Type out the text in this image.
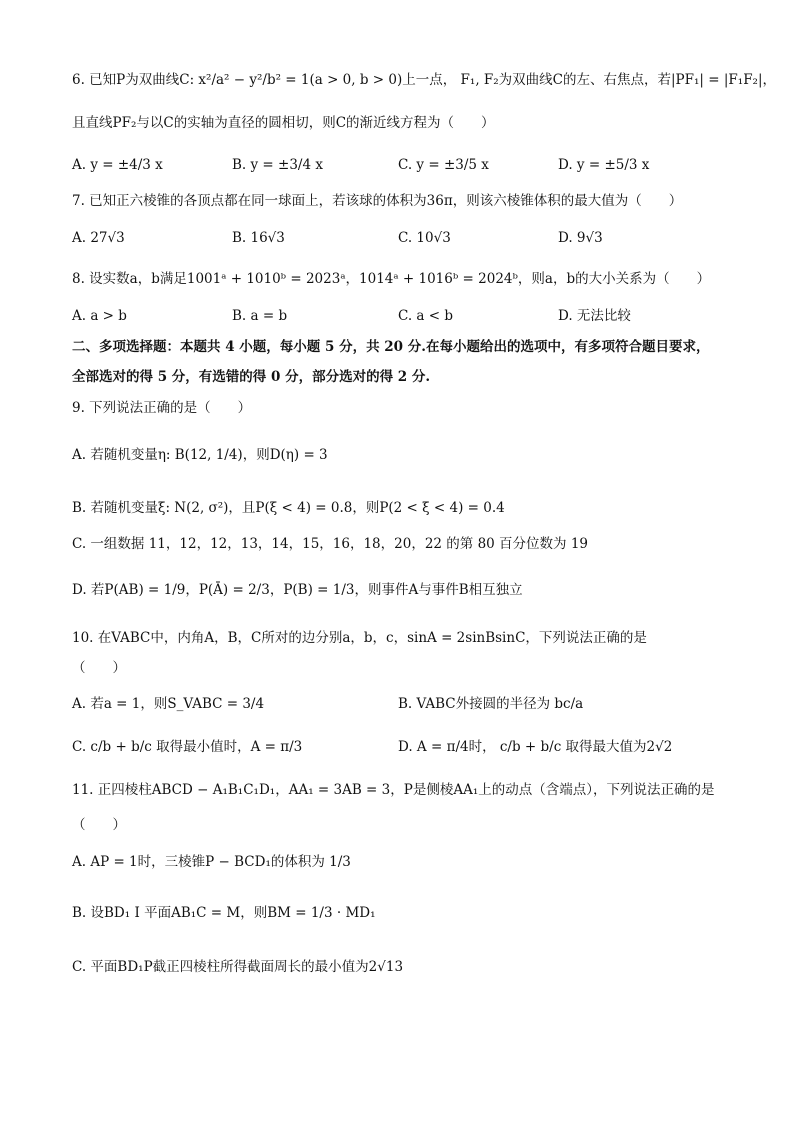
6. 已知P为双曲线C: x²/a² − y²/b² = 1(a > 0, b > 0)上一点， F₁, F₂为双曲线C的左、右焦点，若|PF₁| = |F₁F₂|，
且直线PF₂与以C的实轴为直径的圆相切，则C的渐近线方程为（　　）
A. y = ±4/3 x	B. y = ±3/4 x	C. y = ±3/5 x	D. y = ±5/3 x
7. 已知正六棱锥的各顶点都在同一球面上，若该球的体积为36π，则该六棱锥体积的最大值为（　　）
A. 27√3	B. 16√3	C. 10√3	D. 9√3
8. 设实数a，b满足1001ᵃ + 1010ᵇ = 2023ᵃ，1014ᵃ + 1016ᵇ = 2024ᵇ，则a，b的大小关系为（　　）
A. a > b	B. a = b	C. a < b	D. 无法比较
二、多项选择题：本题共 4 小题，每小题 5 分，共 20 分.在每小题给出的选项中，有多项符合题目要求，
全部选对的得 5 分，有选错的得 0 分，部分选对的得 2 分.
9. 下列说法正确的是（　　）
A. 若随机变量η: B(12, 1/4)，则D(η) = 3
B. 若随机变量ξ: N(2, σ²)，且P(ξ < 4) = 0.8，则P(2 < ξ < 4) = 0.4
C. 一组数据 11，12，12，13，14，15，16，18，20，22 的第 80 百分位数为 19
D. 若P(AB) = 1/9，P(Ā) = 2/3，P(B) = 1/3，则事件A与事件B相互独立
10. 在VABC中，内角A，B，C所对的边分别a，b，c，sinA = 2sinBsinC，下列说法正确的是
（　　）
A. 若a = 1，则S_VABC = 3/4	B. VABC外接圆的半径为 bc/a
C. c/b + b/c 取得最小值时，A = π/3	D. A = π/4时， c/b + b/c 取得最大值为2√2
11. 正四棱柱ABCD − A₁B₁C₁D₁，AA₁ = 3AB = 3，P是侧棱AA₁上的动点（含端点），下列说法正确的是
（　　）
A. AP = 1时，三棱锥P − BCD₁的体积为 1/3
B. 设BD₁ I 平面AB₁C = M，则BM = 1/3 · MD₁
C. 平面BD₁P截正四棱柱所得截面周长的最小值为2√13
